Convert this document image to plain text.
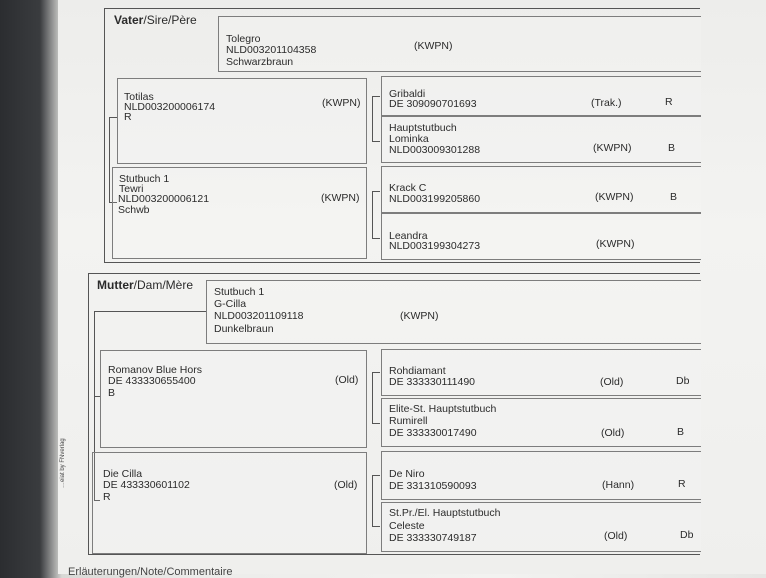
Vater/Sire/Père
Tolegro
NLD003201104358
Schwarzbraun
(KWPN)
Totilas
NLD003200006174
R
(KWPN)
Stutbuch 1
Tewri
NLD003200006121
Schwb
(KWPN)
Gribaldi
DE 309090701693	(Trak.)	R
Hauptstutbuch
Lominka
NLD003009301288	(KWPN)	B
Krack C
NLD003199205860	(KWPN)	B
Leandra
NLD003199304273	(KWPN)
Mutter/Dam/Mère Stutbuch 1
G-Cilla
NLD003201109118
Dunkelbraun
(KWPN)
Romanov Blue Hors
DE 433330655400
B
(Old)
Die Cilla
DE 433330601102
R
(Old)
Rohdiamant
DE 333330111490	(Old)	Db
Elite-St. Hauptstutbuch
Rumirell
DE 333330017490	(Old)	B
De Niro
DE 331310590093	(Hann)	R
St.Pr./El. Hauptstutbuch
Celeste
DE 333330749187	(Old)	Db
…eiat by FNverlag
Erläuterungen/Note/Commentaire
